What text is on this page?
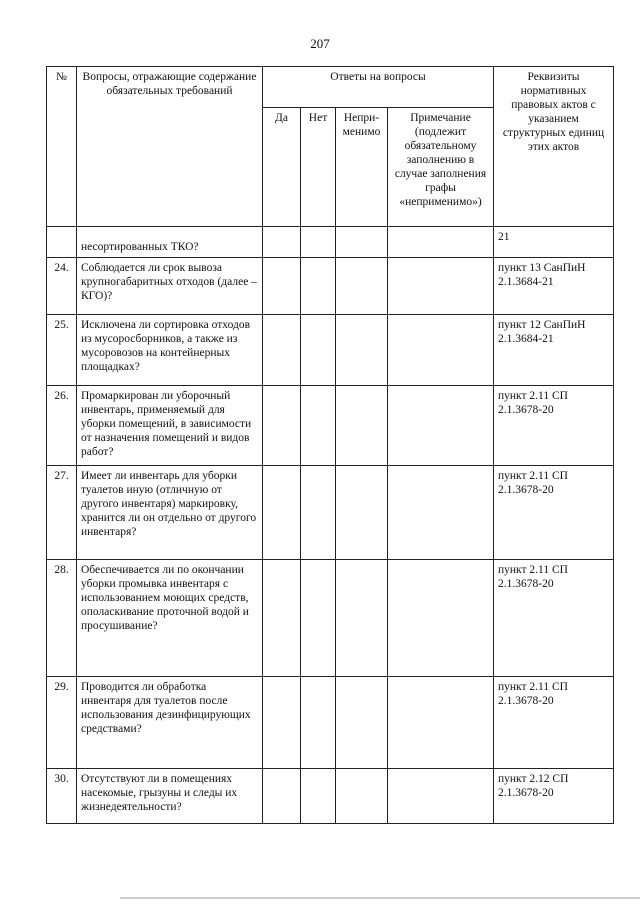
207
№	Вопросы, отражающие содержание обязательных требований	Ответы на вопросы				Реквизиты нормативных правовых актов с указанием структурных единиц этих актов
		Да	Нет	Непри-менимо	Примечание (подлежит обязательному заполнению в случае заполнения графы «неприменимо»)	
	несортированных ТКО?					21
24.	Соблюдается ли срок вывоза крупногабаритных отходов (далее – КГО)?					пункт 13 СанПиН 2.1.3684-21
25.	Исключена ли сортировка отходов из мусоросборников, а также из мусоровозов на контейнерных площадках?					пункт 12 СанПиН 2.1.3684-21
26.	Промаркирован ли уборочный инвентарь, применяемый для уборки помещений, в зависимости от назначения помещений и видов работ?					пункт 2.11 СП 2.1.3678-20
27.	Имеет ли инвентарь для уборки туалетов иную (отличную от другого инвентаря) маркировку, хранится ли он отдельно от другого инвентаря?					пункт 2.11 СП 2.1.3678-20
28.	Обеспечивается ли по окончании уборки промывка инвентаря с использованием моющих средств, ополаскивание проточной водой и просушивание?					пункт 2.11 СП 2.1.3678-20
29.	Проводится ли обработка инвентаря для туалетов после использования дезинфицирующих средствами?					пункт 2.11 СП 2.1.3678-20
30.	Отсутствуют ли в помещениях насекомые, грызуны и следы их жизнедеятельности?					пункт 2.12 СП 2.1.3678-20
